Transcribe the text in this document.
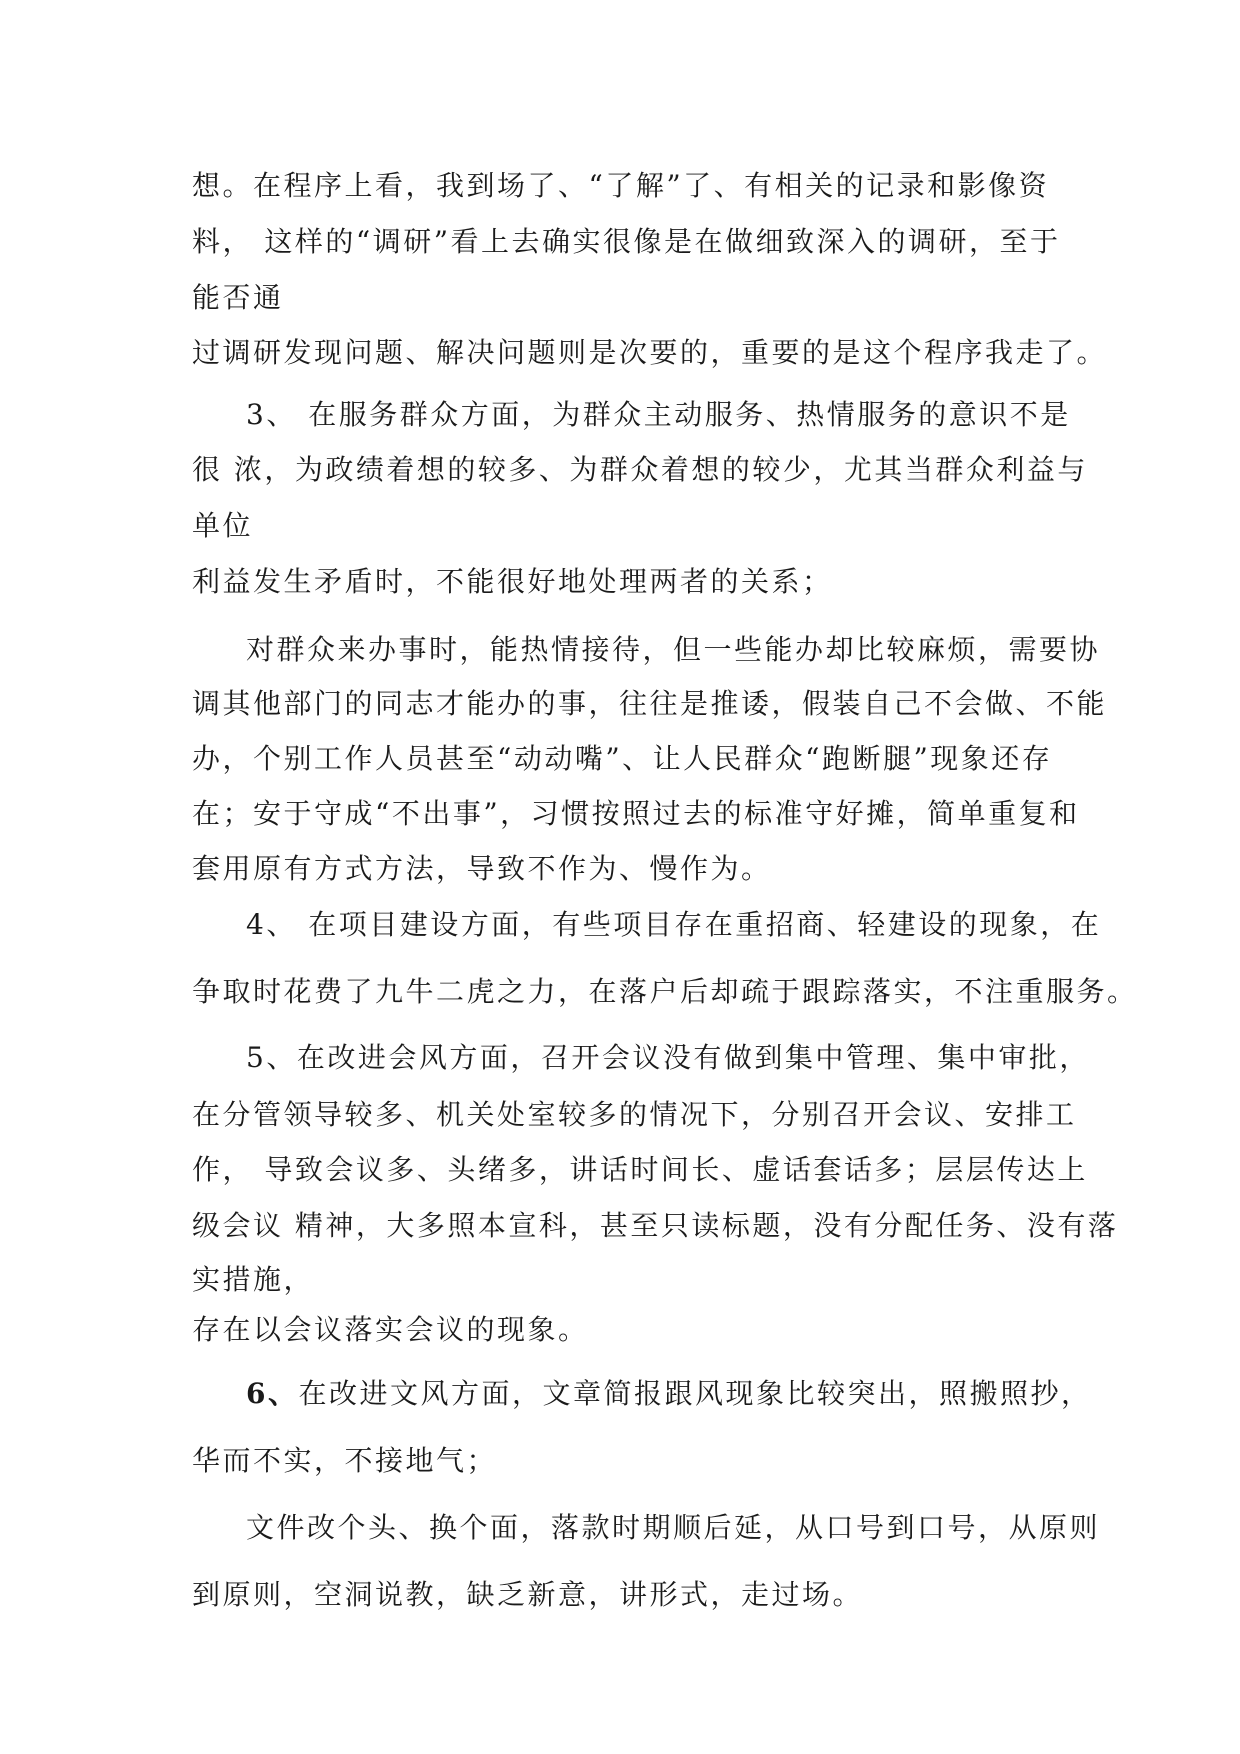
想。在程序上看，我到场了、“了解”了、有相关的记录和影像资

料， 这样的“调研”看上去确实很像是在做细致深入的调研，至于

能否通

过调研发现问题、解决问题则是次要的，重要的是这个程序我走了。

3、 在服务群众方面，为群众主动服务、热情服务的意识不是

很 浓，为政绩着想的较多、为群众着想的较少，尤其当群众利益与

单位

利益发生矛盾时，不能很好地处理两者的关系；

对群众来办事时，能热情接待，但一些能办却比较麻烦，需要协

调其他部门的同志才能办的事，往往是推诿，假装自己不会做、不能

办，个别工作人员甚至“动动嘴”、让人民群众“跑断腿”现象还存

在；安于守成“不出事”，习惯按照过去的标准守好摊，简单重复和

套用原有方式方法，导致不作为、慢作为。

4、 在项目建设方面，有些项目存在重招商、轻建设的现象，在

争取时花费了九牛二虎之力，在落户后却疏于跟踪落实，不注重服务。

5、在改进会风方面，召开会议没有做到集中管理、集中审批，

在分管领导较多、机关处室较多的情况下，分别召开会议、安排工

作， 导致会议多、头绪多，讲话时间长、虚话套话多；层层传达上

级会议 精神，大多照本宣科，甚至只读标题，没有分配任务、没有落

实措施，

存在以会议落实会议的现象。

6、在改进文风方面，文章简报跟风现象比较突出，照搬照抄，

华而不实，不接地气；

文件改个头、换个面，落款时期顺后延，从口号到口号，从原则

到原则，空洞说教，缺乏新意，讲形式，走过场。
